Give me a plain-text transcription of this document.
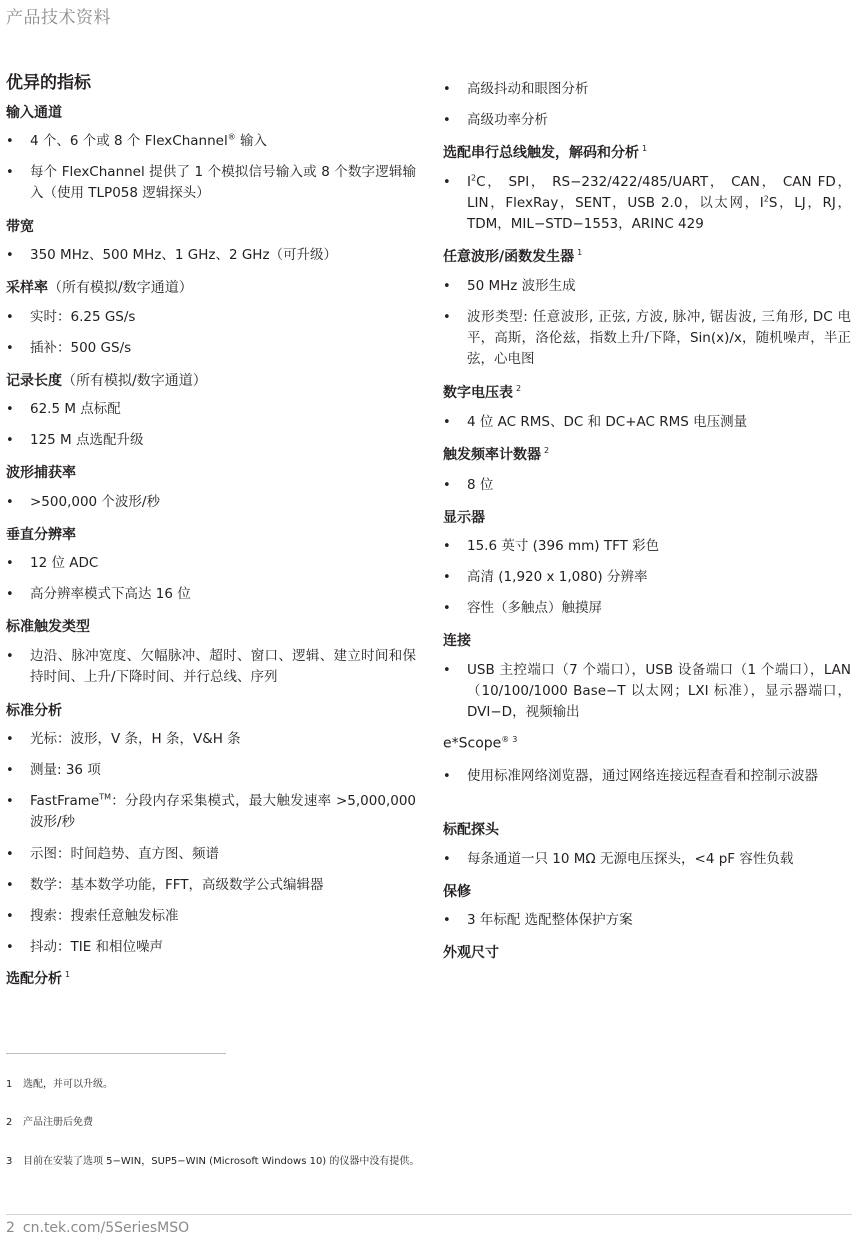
产品技术资料
优异的指标
输入通道
• 4 个、6 个或 8 个 FlexChannel® 输入
• 每个 FlexChannel 提供了 1 个模拟信号输入或 8 个数字逻辑输入（使用 TLP058 逻辑探头）
带宽
• 350 MHz、500 MHz、1 GHz、2 GHz（可升级）
采样率（所有模拟/数字通道）
• 实时：6.25 GS/s
• 插补：500 GS/s
记录长度（所有模拟/数字通道）
• 62.5 M 点标配
• 125 M 点选配升级
波形捕获率
• >500,000 个波形/秒
垂直分辨率
• 12 位 ADC
• 高分辨率模式下高达 16 位
标准触发类型
• 边沿、脉冲宽度、欠幅脉冲、超时、窗口、逻辑、建立时间和保持时间、上升/下降时间、并行总线、序列
标准分析
• 光标：波形，V 条，H 条，V&H 条
• 测量: 36 项
• FastFrame™：分段内存采集模式，最大触发速率 >5,000,000 波形/秒
• 示图：时间趋势、直方图、频谱
• 数学：基本数学功能，FFT，高级数学公式编辑器
• 搜索：搜索任意触发标准
• 抖动：TIE 和相位噪声
选配分析 $^1$
• 高级抖动和眼图分析
• 高级功率分析
选配串行总线触发，解码和分析 $^1$
• $I^2C$， SPI， RS−232/422/485/UART， CAN， CAN FD， LIN，FlexRay，SENT，USB 2.0，以太网，$I^2S$，LJ，RJ，TDM，MIL−STD−1553，ARINC 429
任意波形/函数发生器 $^1$
• 50 MHz 波形生成
• 波形类型: 任意波形, 正弦, 方波, 脉冲, 锯齿波, 三角形, DC 电平，高斯，洛伦兹，指数上升/下降，Sin(x)/x，随机噪声，半正弦，心电图
数字电压表 $^2$
• 4 位 AC RMS、DC 和 DC+AC RMS 电压测量
触发频率计数器 $^2$
• 8 位
显示器
• 15.6 英寸 (396 mm) TFT 彩色
• 高清 (1,920 x 1,080) 分辨率
• 容性（多触点）触摸屏
连接
• USB 主控端口（7 个端口），USB 设备端口（1 个端口），LAN（10/100/1000 Base−T 以太网；LXI 标准），显示器端口，DVI−D，视频输出
e*Scope® $^3$
• 使用标准网络浏览器，通过网络连接远程查看和控制示波器
标配探头
• 每条通道一只 10 MΩ 无源电压探头，<4 pF 容性负载
保修
• 3 年标配 选配整体保护方案
外观尺寸
1 选配，并可以升级。
2 产品注册后免费
3 目前在安装了选项 5−WIN，SUP5−WIN (Microsoft Windows 10) 的仪器中没有提供。
2 cn.tek.com/5SeriesMSO
